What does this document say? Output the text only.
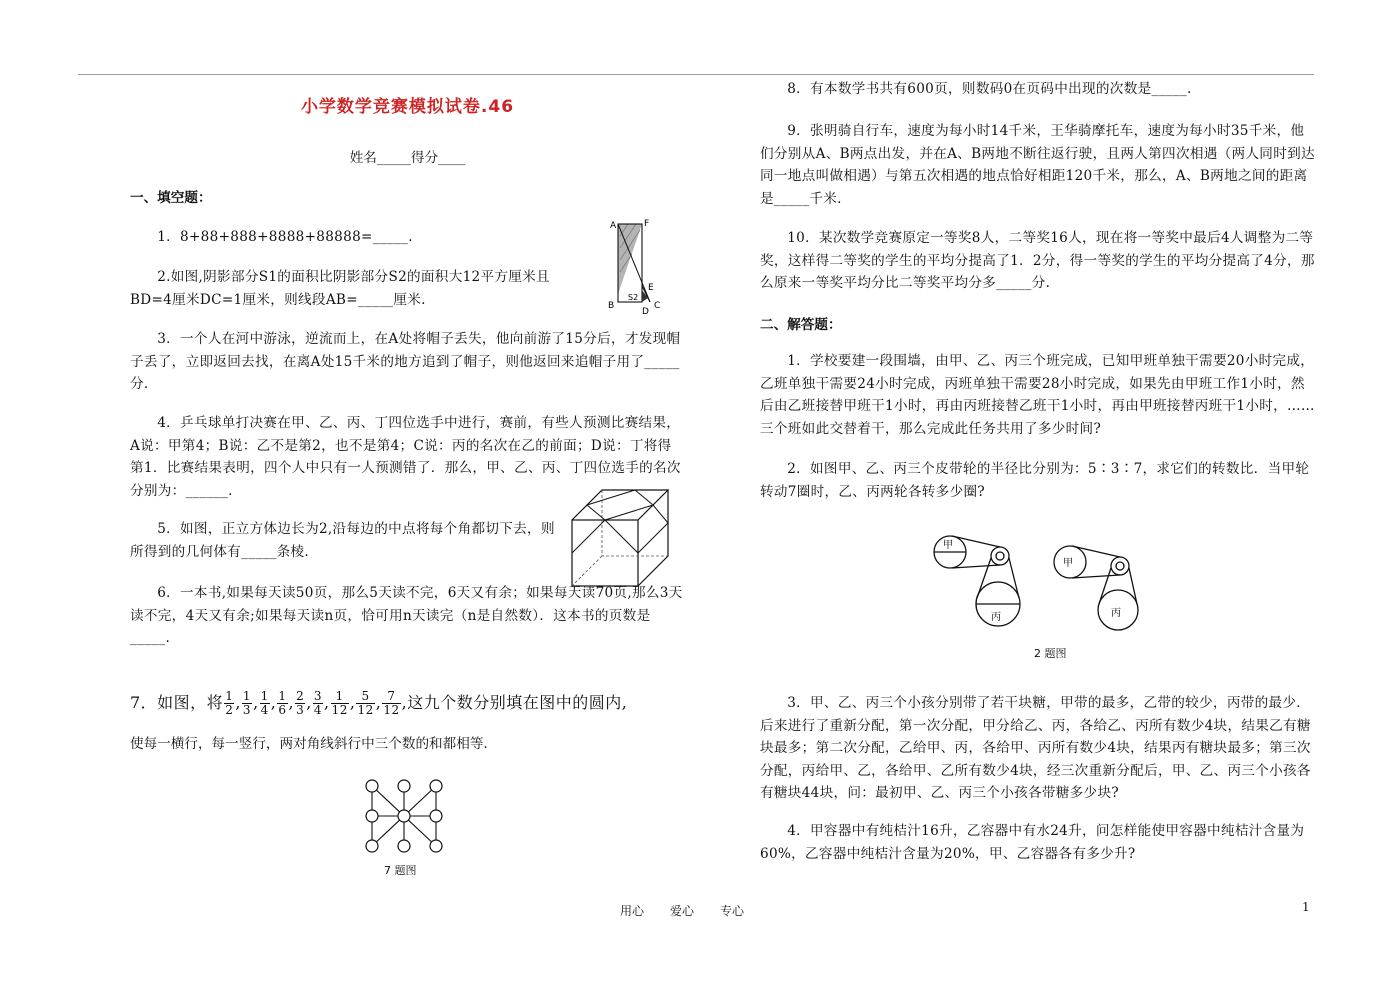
小学数学竞赛模拟试卷.46
姓名_____得分____
一、填空题：

1．8+88+888+8888+88888=_____.

2.如图,阴影部分S1的面积比阴影部分S2的面积大12平方厘米且BD=4厘米DC=1厘米，则线段AB=_____厘米.

A	F
B
S2
E
C
D

3．一个人在河中游泳，逆流而上，在A处将帽子丢失，他向前游了15分后，才发现帽子丢了，立即返回去找，在离A处15千米的地方追到了帽子，则他返回来追帽子用了_____分.

4．乒乓球单打决赛在甲、乙、丙、丁四位选手中进行，赛前，有些人预测比赛结果，A说：甲第4；B说：乙不是第2，也不是第4；C说：丙的名次在乙的前面；D说：丁将得第1．比赛结果表明，四个人中只有一人预测错了．那么，甲、乙、丙、丁四位选手的名次分别为：______.

5．如图，正立方体边长为2,沿每边的中点将每个角都切下去，则所得到的几何体有_____条棱.

6．一本书,如果每天读50页，那么5天读不完，6天又有余；如果每天读70页,那么3天读不完，4天又有余;如果每天读n页，恰可用n天读完（n是自然数）．这本书的页数是_____.

7．如图，将 $\frac{1}{2}$ , $\frac{1}{3}$ , $\frac{1}{4}$ , $\frac{1}{6}$ , $\frac{2}{3}$ , $\frac{3}{4}$ , $\frac{1}{12}$ , $\frac{5}{12}$ , $\frac{7}{12}$ ,这九个数分别填在图中的圆内,
使每一横行，每一竖行，两对角线斜行中三个数的和都相等.
7 题图

8．有本数学书共有600页，则数码0在页码中出现的次数是_____.

9．张明骑自行车，速度为每小时14千米，王华骑摩托车，速度为每小时35千米，他们分别从A、B两点出发，并在A、B两地不断往返行驶，且两人第四次相遇（两人同时到达同一地点叫做相遇）与第五次相遇的地点恰好相距120千米，那么，A、B两地之间的距离是_____千米.

10．某次数学竞赛原定一等奖8人，二等奖16人，现在将一等奖中最后4人调整为二等奖，这样得二等奖的学生的平均分提高了1．2分，得一等奖的学生的平均分提高了4分，那么原来一等奖平均分比二等奖平均分多_____分.

二、解答题：

1．学校要建一段围墙，由甲、乙、丙三个班完成，已知甲班单独干需要20小时完成，乙班单独干需要24小时完成，丙班单独干需要28小时完成，如果先由甲班工作1小时，然后由乙班接替甲班干1小时，再由丙班接替乙班干1小时，再由甲班接替丙班干1小时，……三个班如此交替着干，那么完成此任务共用了多少时间?

2．如图甲、乙、丙三个皮带轮的半径比分别为：5∶3∶7，求它们的转数比．当甲轮转动7圈时，乙、丙两轮各转多少圈?

甲
丙
甲
丙
2 题图

3．甲、乙、丙三个小孩分别带了若干块糖，甲带的最多，乙带的较少，丙带的最少．后来进行了重新分配，第一次分配，甲分给乙、丙，各给乙、丙所有数少4块，结果乙有糖块最多；第二次分配，乙给甲、丙，各给甲、丙所有数少4块，结果丙有糖块最多；第三次分配，丙给甲、乙，各给甲、乙所有数少4块，经三次重新分配后，甲、乙、丙三个小孩各有糖块44块，问：最初甲、乙、丙三个小孩各带糖多少块?

4．甲容器中有纯桔汁16升，乙容器中有水24升，问怎样能使甲容器中纯桔汁含量为60%，乙容器中纯桔汁含量为20%，甲、乙容器各有多少升?

用心 爱心 专心	1
